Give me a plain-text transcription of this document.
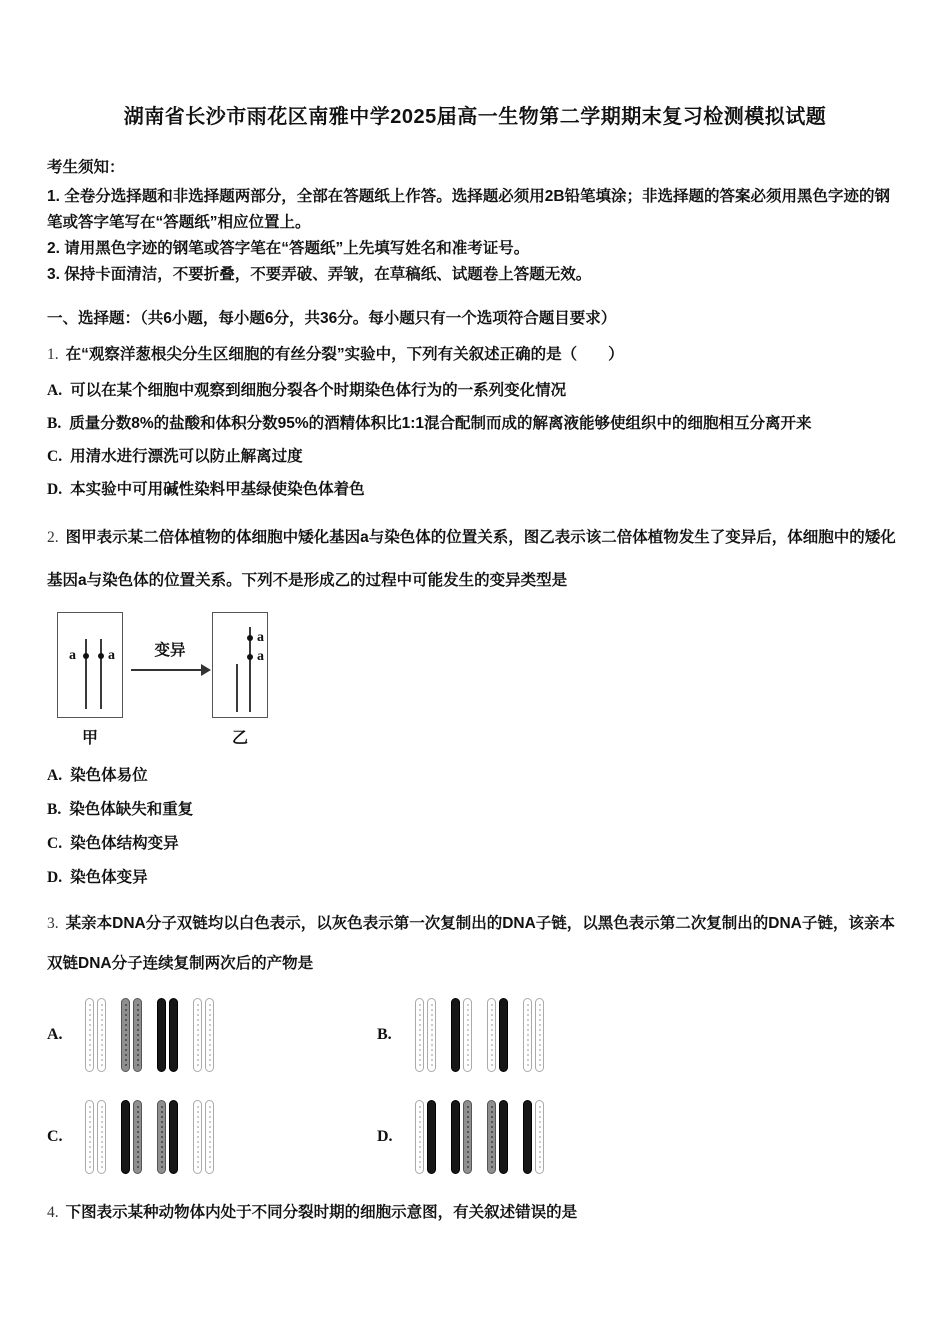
湖南省长沙市雨花区南雅中学2025届高一生物第二学期期末复习检测模拟试题
考生须知：
1. 全卷分选择题和非选择题两部分，全部在答题纸上作答。选择题必须用2B铅笔填涂；非选择题的答案必须用黑色字迹的钢笔或答字笔写在“答题纸”相应位置上。
2. 请用黑色字迹的钢笔或答字笔在“答题纸”上先填写姓名和准考证号。
3. 保持卡面清洁，不要折叠，不要弄破、弄皱，在草稿纸、试题卷上答题无效。
一、选择题：（共6小题，每小题6分，共36分。每小题只有一个选项符合题目要求）
1. 在“观察洋葱根尖分生区细胞的有丝分裂”实验中，下列有关叙述正确的是（　　）
A. 可以在某个细胞中观察到细胞分裂各个时期染色体行为的一系列变化情况
B. 质量分数8%的盐酸和体积分数95%的酒精体积比1:1混合配制而成的解离液能够使组织中的细胞相互分离开来
C. 用清水进行漂洗可以防止解离过度
D. 本实验中可用碱性染料甲基绿使染色体着色
2. 图甲表示某二倍体植物的体细胞中矮化基因a与染色体的位置关系，图乙表示该二倍体植物发生了变异后，体细胞中的矮化基因a与染色体的位置关系。下列不是形成乙的过程中可能发生的变异类型是
a a	变异
a
a
甲	乙
A. 染色体易位
B. 染色体缺失和重复
C. 染色体结构变异
D. 染色体变异
3. 某亲本DNA分子双链均以白色表示，以灰色表示第一次复制出的DNA子链，以黑色表示第二次复制出的DNA子链，该亲本双链DNA分子连续复制两次后的产物是
A.	B.
C.	D.
4. 下图表示某种动物体内处于不同分裂时期的细胞示意图，有关叙述错误的是
